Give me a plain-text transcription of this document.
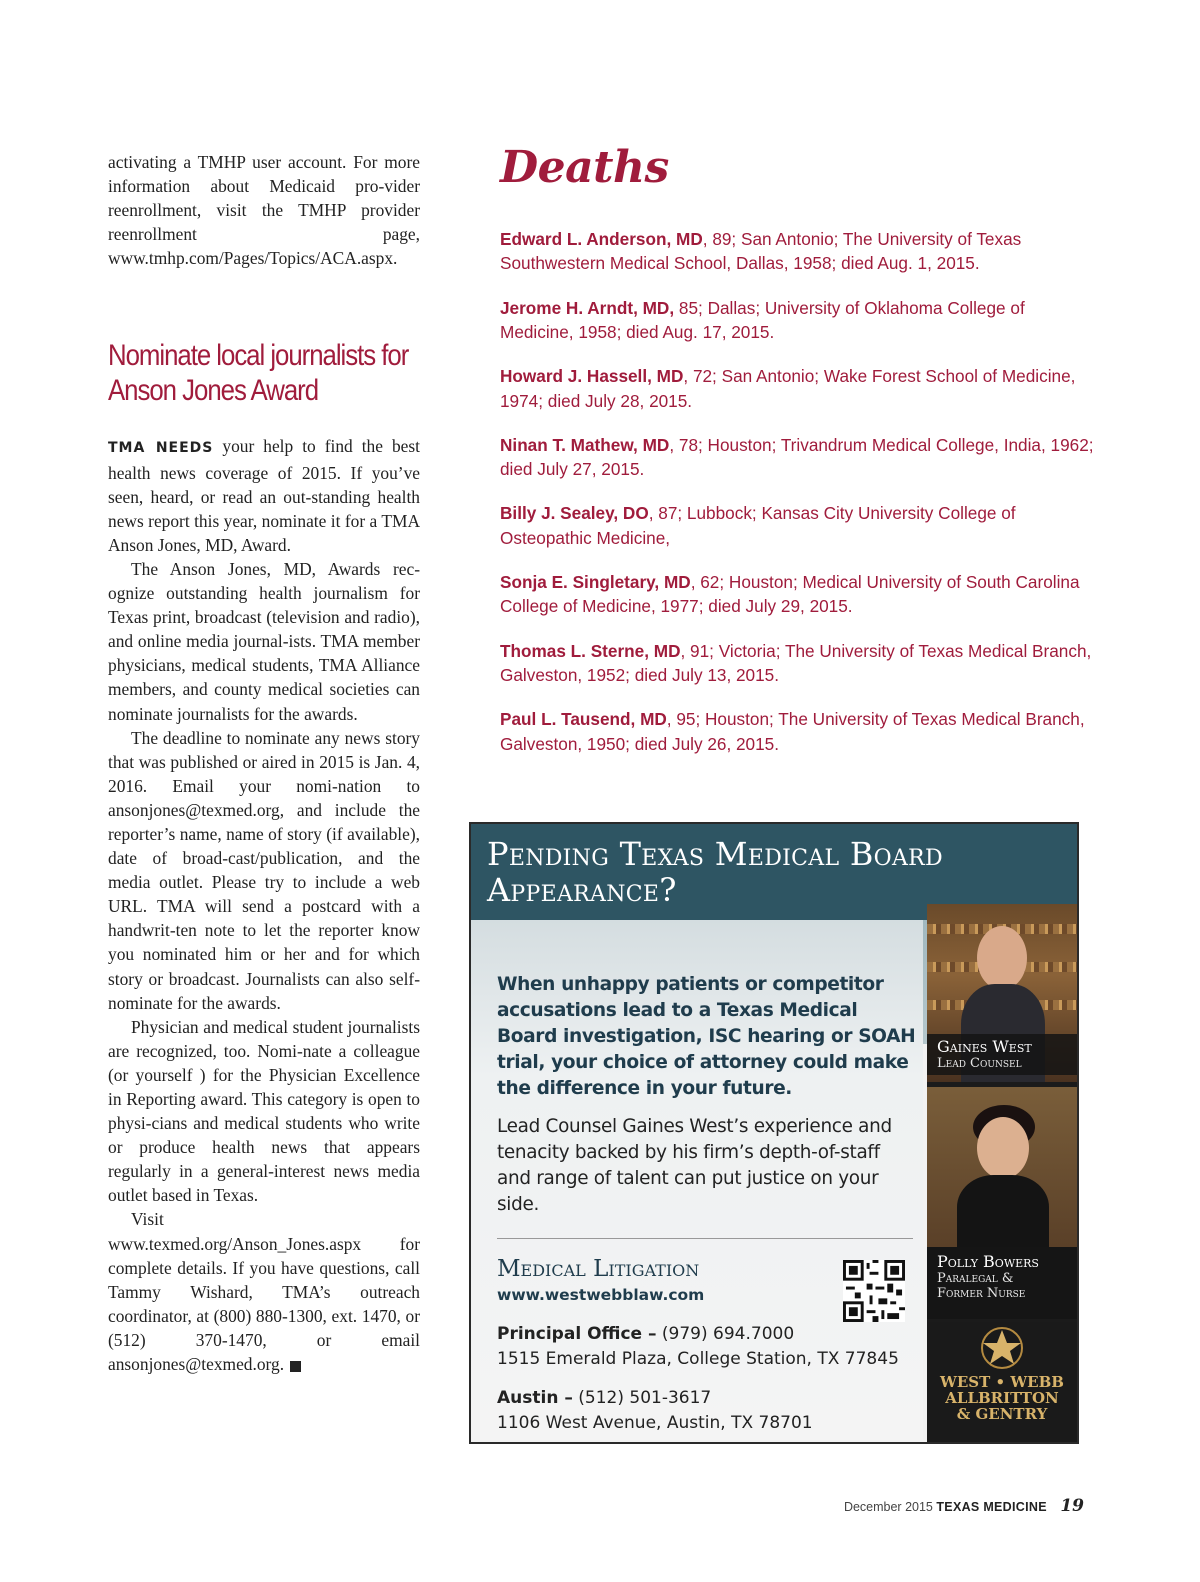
activating a TMHP user account. For more information about Medicaid pro-vider reenrollment, visit the TMHP provider reenrollment page, www.tmhp.com/Pages/Topics/ACA.aspx.

Nominate local journalists for Anson Jones Award

TMA NEEDS your help to find the best health news coverage of 2015. If you’ve seen, heard, or read an out-standing health news report this year, nominate it for a TMA Anson Jones, MD, Award.

The Anson Jones, MD, Awards rec-ognize outstanding health journalism for Texas print, broadcast (television and radio), and online media journal-ists. TMA member physicians, medical students, TMA Alliance members, and county medical societies can nominate journalists for the awards.

The deadline to nominate any news story that was published or aired in 2015 is Jan. 4, 2016. Email your nomi-nation to ansonjones@texmed.org, and include the reporter’s name, name of story (if available), date of broad-cast/publication, and the media outlet. Please try to include a web URL. TMA will send a postcard with a handwrit-ten note to let the reporter know you nominated him or her and for which story or broadcast. Journalists can also self-nominate for the awards.

Physician and medical student journalists are recognized, too. Nomi-nate a colleague (or yourself ) for the Physician Excellence in Reporting award. This category is open to physi-cians and medical students who write or produce health news that appears regularly in a general-interest news media outlet based in Texas.

Visit www.texmed.org/Anson_Jones.aspx for complete details. If you have questions, call Tammy Wishard, TMA’s outreach coordinator, at (800) 880-1300, ext. 1470, or (512) 370-1470, or email ansonjones@texmed.org.

Deaths

Edward L. Anderson, MD, 89; San Antonio; The University of Texas Southwestern Medical School, Dallas, 1958; died Aug. 1, 2015.

Jerome H. Arndt, MD, 85; Dallas; University of Oklahoma College of Medicine, 1958; died Aug. 17, 2015.

Howard J. Hassell, MD, 72; San Antonio; Wake Forest School of Medicine, 1974; died July 28, 2015.

Ninan T. Mathew, MD, 78; Houston; Trivandrum Medical College, India, 1962; died July 27, 2015.

Billy J. Sealey, DO, 87; Lubbock; Kansas City University College of Osteopathic Medicine,

Sonja E. Singletary, MD, 62; Houston; Medical University of South Carolina College of Medicine, 1977; died July 29, 2015.

Thomas L. Sterne, MD, 91; Victoria; The University of Texas Medical Branch, Galveston, 1952; died July 13, 2015.

Paul L. Tausend, MD, 95; Houston; The University of Texas Medical Branch, Galveston, 1950; died July 26, 2015.

Pending Texas Medical Board
Appearance?
When unhappy patients or competitor accusations lead to a Texas Medical Board investigation, ISC hearing or SOAH trial, your choice of attorney could make the difference in your future.
Lead Counsel Gaines West’s experience and tenacity backed by his firm’s depth-of-staff and range of talent can put justice on your side.
Medical Litigation
www.westwebblaw.com
Principal Office – (979) 694.7000
1515 Emerald Plaza, College Station, TX 77845
Austin – (512) 501-3617
1106 West Avenue, Austin, TX 78701
Gaines West
Lead Counsel
Polly Bowers
Paralegal &
Former Nurse
WEST • WEBB
ALLBRITTON
& GENTRY
December 2015 TEXAS MEDICINE 19
